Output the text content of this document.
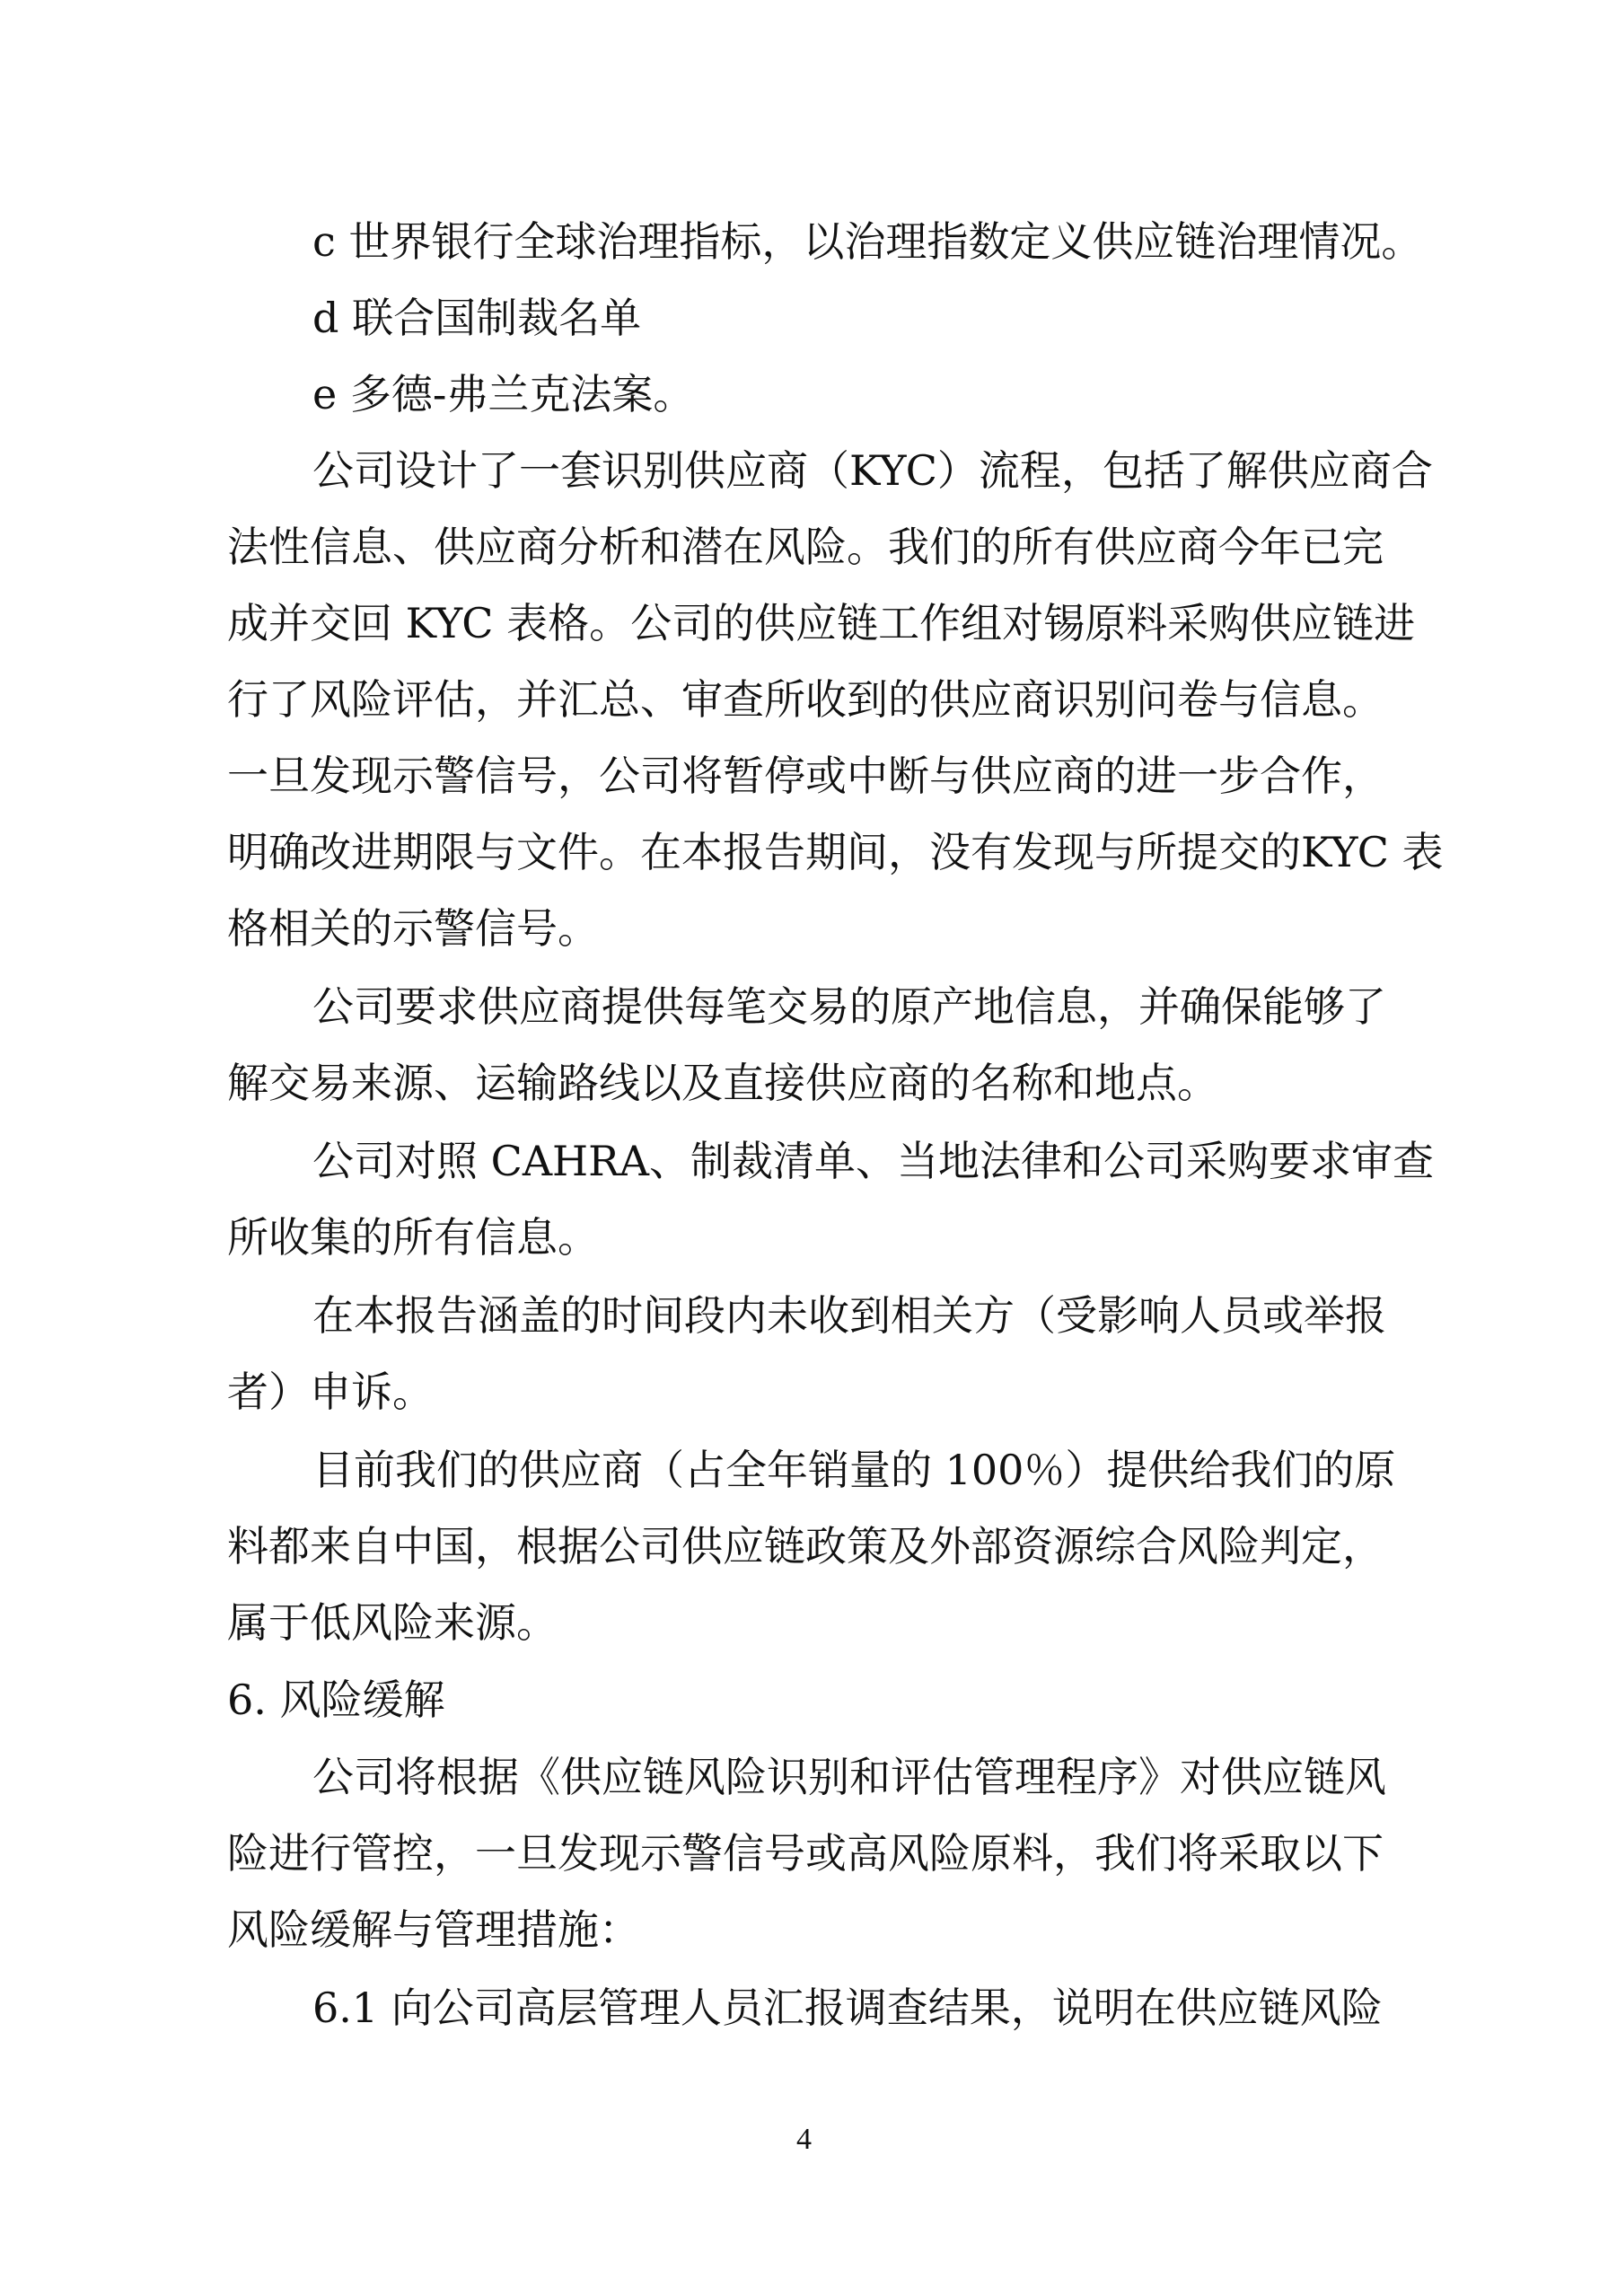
c 世界银行全球治理指标，以治理指数定义供应链治理情况。
d 联合国制裁名单
e 多德-弗兰克法案。
公司设计了一套识别供应商（KYC）流程，包括了解供应商合
法性信息、供应商分析和潜在风险。我们的所有供应商今年已完
成并交回 KYC 表格。公司的供应链工作组对锡原料采购供应链进
行了风险评估，并汇总、审查所收到的供应商识别问卷与信息。
一旦发现示警信号，公司将暂停或中断与供应商的进一步合作，
明确改进期限与文件。在本报告期间，没有发现与所提交的KYC 表
格相关的示警信号。
公司要求供应商提供每笔交易的原产地信息，并确保能够了
解交易来源、运输路线以及直接供应商的名称和地点。
公司对照 CAHRA、制裁清单、当地法律和公司采购要求审查
所收集的所有信息。
在本报告涵盖的时间段内未收到相关方（受影响人员或举报
者）申诉。
目前我们的供应商（占全年销量的 100％）提供给我们的原
料都来自中国，根据公司供应链政策及外部资源综合风险判定，
属于低风险来源。
6. 风险缓解
公司将根据《供应链风险识别和评估管理程序》对供应链风
险进行管控，一旦发现示警信号或高风险原料，我们将采取以下
风险缓解与管理措施：
6.1 向公司高层管理人员汇报调查结果，说明在供应链风险
4
